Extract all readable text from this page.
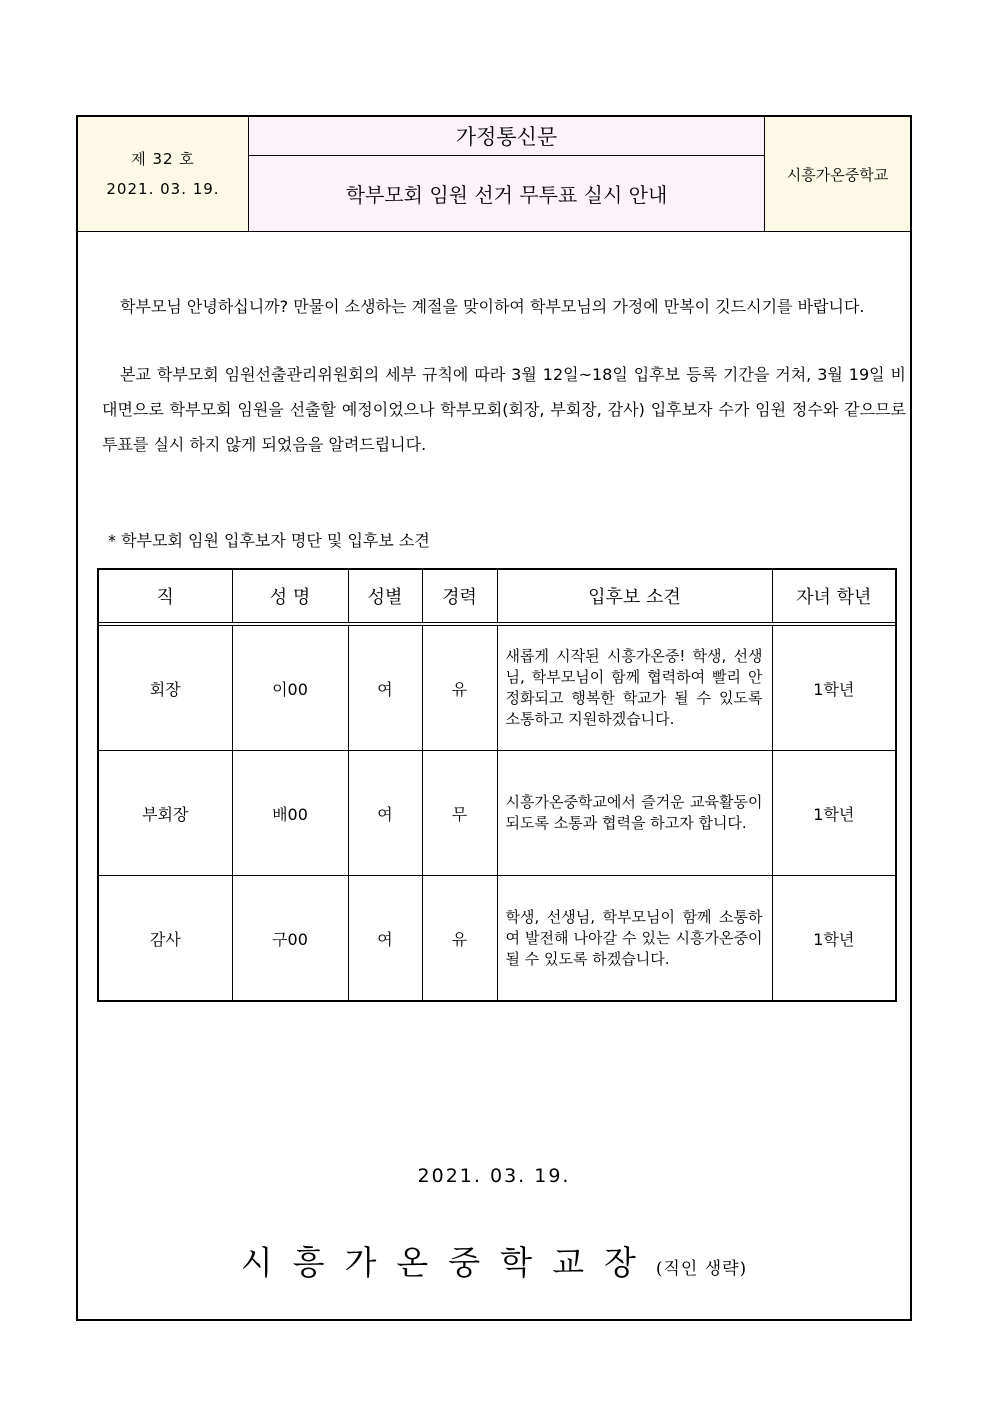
제 32 호
2021. 03. 19.
가정통신문
학부모회 임원 선거 무투표 실시 안내
시흥가온중학교

학부모님 안녕하십니까? 만물이 소생하는 계절을 맞이하여 학부모님의 가정에 만복이 깃드시기를 바랍니다.

본교 학부모회 임원선출관리위원회의 세부 규칙에 따라 3월 12일~18일 입후보 등록 기간을 거쳐, 3월 19일 비대면으로 학부모회 임원을 선출할 예정이었으나 학부모회(회장, 부회장, 감사) 입후보자 수가 임원 정수와 같으므로 투표를 실시 하지 않게 되었음을 알려드립니다.

* 학부모회 임원 입후보자 명단 및 입후보 소견
직	성 명	성별	경력	입후보 소견	자녀 학년
회장	이00	여	유	새롭게 시작된 시흥가온중! 학생, 선생님, 학부모님이 함께 협력하여 빨리 안정화되고 행복한 학교가 될 수 있도록 소통하고 지원하겠습니다.	1학년
부회장	배00	여	무	시흥가온중학교에서 즐거운 교육활동이 되도록 소통과 협력을 하고자 합니다.	1학년
감사	구00	여	유	학생, 선생님, 학부모님이 함께 소통하여 발전해 나아갈 수 있는 시흥가온중이 될 수 있도록 하겠습니다.	1학년
2021. 03. 19.
시흥가온중학교장(직인 생략)
